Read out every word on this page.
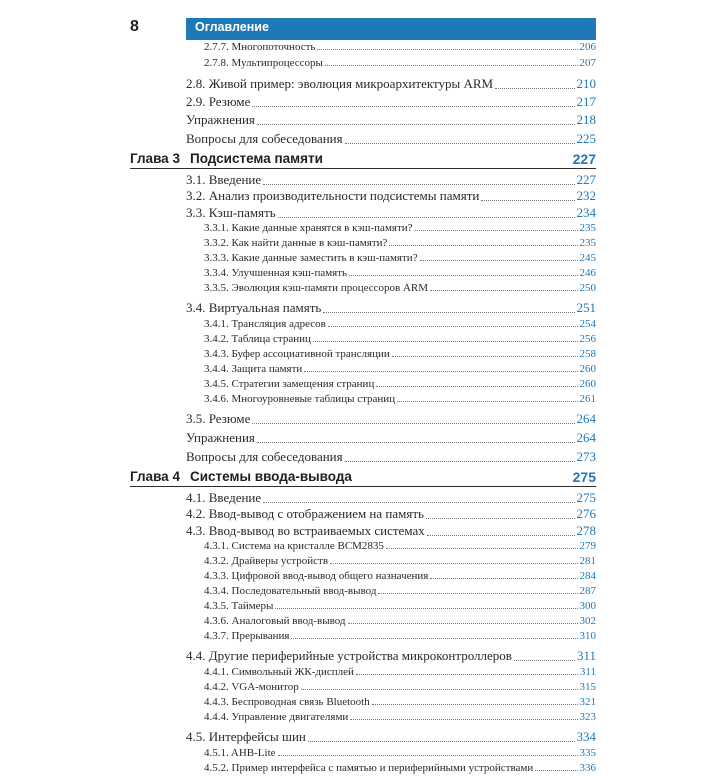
8	Оглавление
2.7.7. Многопоточность	206
2.7.8. Мультипроцессоры	207
2.8. Живой пример: эволюция микроархитектуры ARM	210
2.9. Резюме	217
Упражнения	218
Вопросы для собеседования	225
Глава 3 Подсистема памяти	227
3.1. Введение	227
3.2. Анализ производительности подсистемы памяти	232
3.3. Кэш-память	234
3.3.1. Какие данные хранятся в кэш-памяти?	235
3.3.2. Как найти данные в кэш-памяти?	235
3.3.3. Какие данные заместить в кэш-памяти?	245
3.3.4. Улучшенная кэш-память	246
3.3.5. Эволюция кэш-памяти процессоров ARM	250
3.4. Виртуальная память	251
3.4.1. Трансляция адресов	254
3.4.2. Таблица страниц	256
3.4.3. Буфер ассоциативной трансляции	258
3.4.4. Защита памяти	260
3.4.5. Стратегии замещения страниц	260
3.4.6. Многоуровневые таблицы страниц	261
3.5. Резюме	264
Упражнения	264
Вопросы для собеседования	273
Глава 4 Системы ввода-вывода	275
4.1. Введение	275
4.2. Ввод-вывод с отображением на память	276
4.3. Ввод-вывод во встраиваемых системах	278
4.3.1. Система на кристалле BCM2835	279
4.3.2. Драйверы устройств	281
4.3.3. Цифровой ввод-вывод общего назначения	284
4.3.4. Последовательный ввод-вывод	287
4.3.5. Таймеры	300
4.3.6. Аналоговый ввод-вывод	302
4.3.7. Прерывания	310
4.4. Другие периферийные устройства микроконтроллеров	311
4.4.1. Символьный ЖК-дисплей	311
4.4.2. VGA-монитор	315
4.4.3. Беспроводная связь Bluetooth	321
4.4.4. Управление двигателями	323
4.5. Интерфейсы шин	334
4.5.1. AHB-Lite	335
4.5.2. Пример интерфейса с памятью и периферийными устройствами	336
